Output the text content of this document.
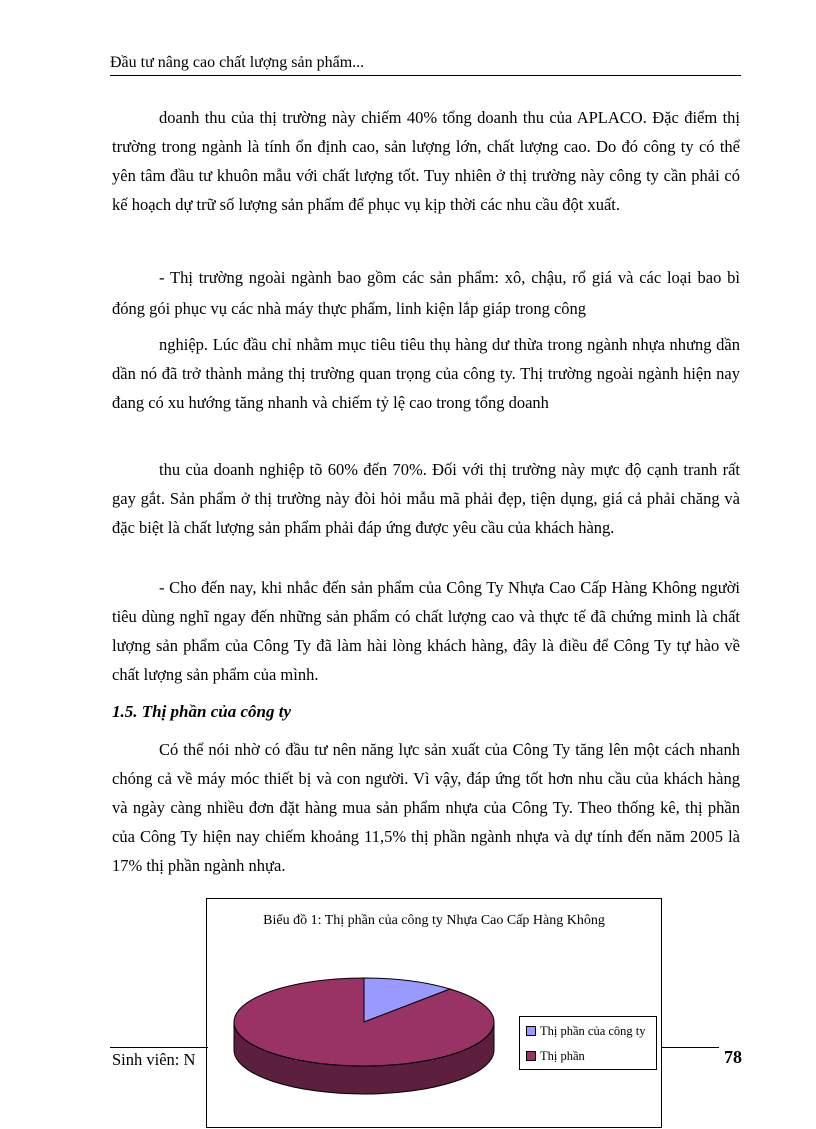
Đầu tư nâng cao chất lượng sản phẩm...
doanh thu của thị trường này chiếm 40% tổng doanh thu của APLACO. Đặc điểm thị trường trong ngành là tính ổn định cao, sản lượng lớn, chất lượng cao. Do đó công ty có thể yên tâm đầu tư khuôn mẫu với chất lượng tốt. Tuy nhiên ở thị trường này công ty cần phải có kế hoạch dự trữ số lượng sản phẩm để phục vụ kịp thời các nhu cầu đột xuất.
- Thị trường ngoài ngành bao gồm các sản phẩm: xô, chậu, rổ giá và các loại bao bì đóng gói phục vụ các nhà máy thực phẩm, linh kiện lắp giáp trong công
nghiệp. Lúc đầu chỉ nhằm mục tiêu tiêu thụ hàng dư thừa trong ngành nhựa nhưng dần dần nó đã trở thành mảng thị trường quan trọng của công ty. Thị trường ngoài ngành hiện nay đang có xu hướng tăng nhanh và chiếm tỷ lệ cao trong tổng doanh
thu của doanh nghiệp tõ 60% đến 70%. Đối với thị trường này mực độ cạnh tranh rất gay gắt. Sản phẩm ở thị trường này đòi hỏi mẫu mã phải đẹp, tiện dụng, giá cả phải chăng và đặc biệt là chất lượng sản phẩm phải đáp ứng được yêu cầu của khách hàng.
- Cho đến nay, khi nhắc đến sản phẩm của Công Ty Nhựa Cao Cấp Hàng Không người tiêu dùng nghĩ ngay đến những sản phẩm có chất lượng cao và thực tế đã chứng minh là chất lượng sản phẩm của Công Ty đã làm hài lòng khách hàng, đây là điều để Công Ty tự hào về chất lượng sản phẩm của mình.
1.5. Thị phần của công ty
Có thể nói nhờ có đầu tư nên năng lực sản xuất của Công Ty tăng lên một cách nhanh chóng cả về máy móc thiết bị và con người. Vì vậy, đáp ứng tốt hơn nhu cầu của khách hàng và ngày càng nhiều đơn đặt hàng mua sản phẩm nhựa của Công Ty. Theo thống kê, thị phần của Công Ty hiện nay chiếm khoảng 11,5% thị phần ngành nhựa và dự tính đến năm 2005 là 17% thị phần ngành nhựa.
Biểu đồ 1: Thị phần của công ty Nhựa Cao Cấp Hàng Không
Thị phần của công ty
Thị phần
Sinh viên: N	78
